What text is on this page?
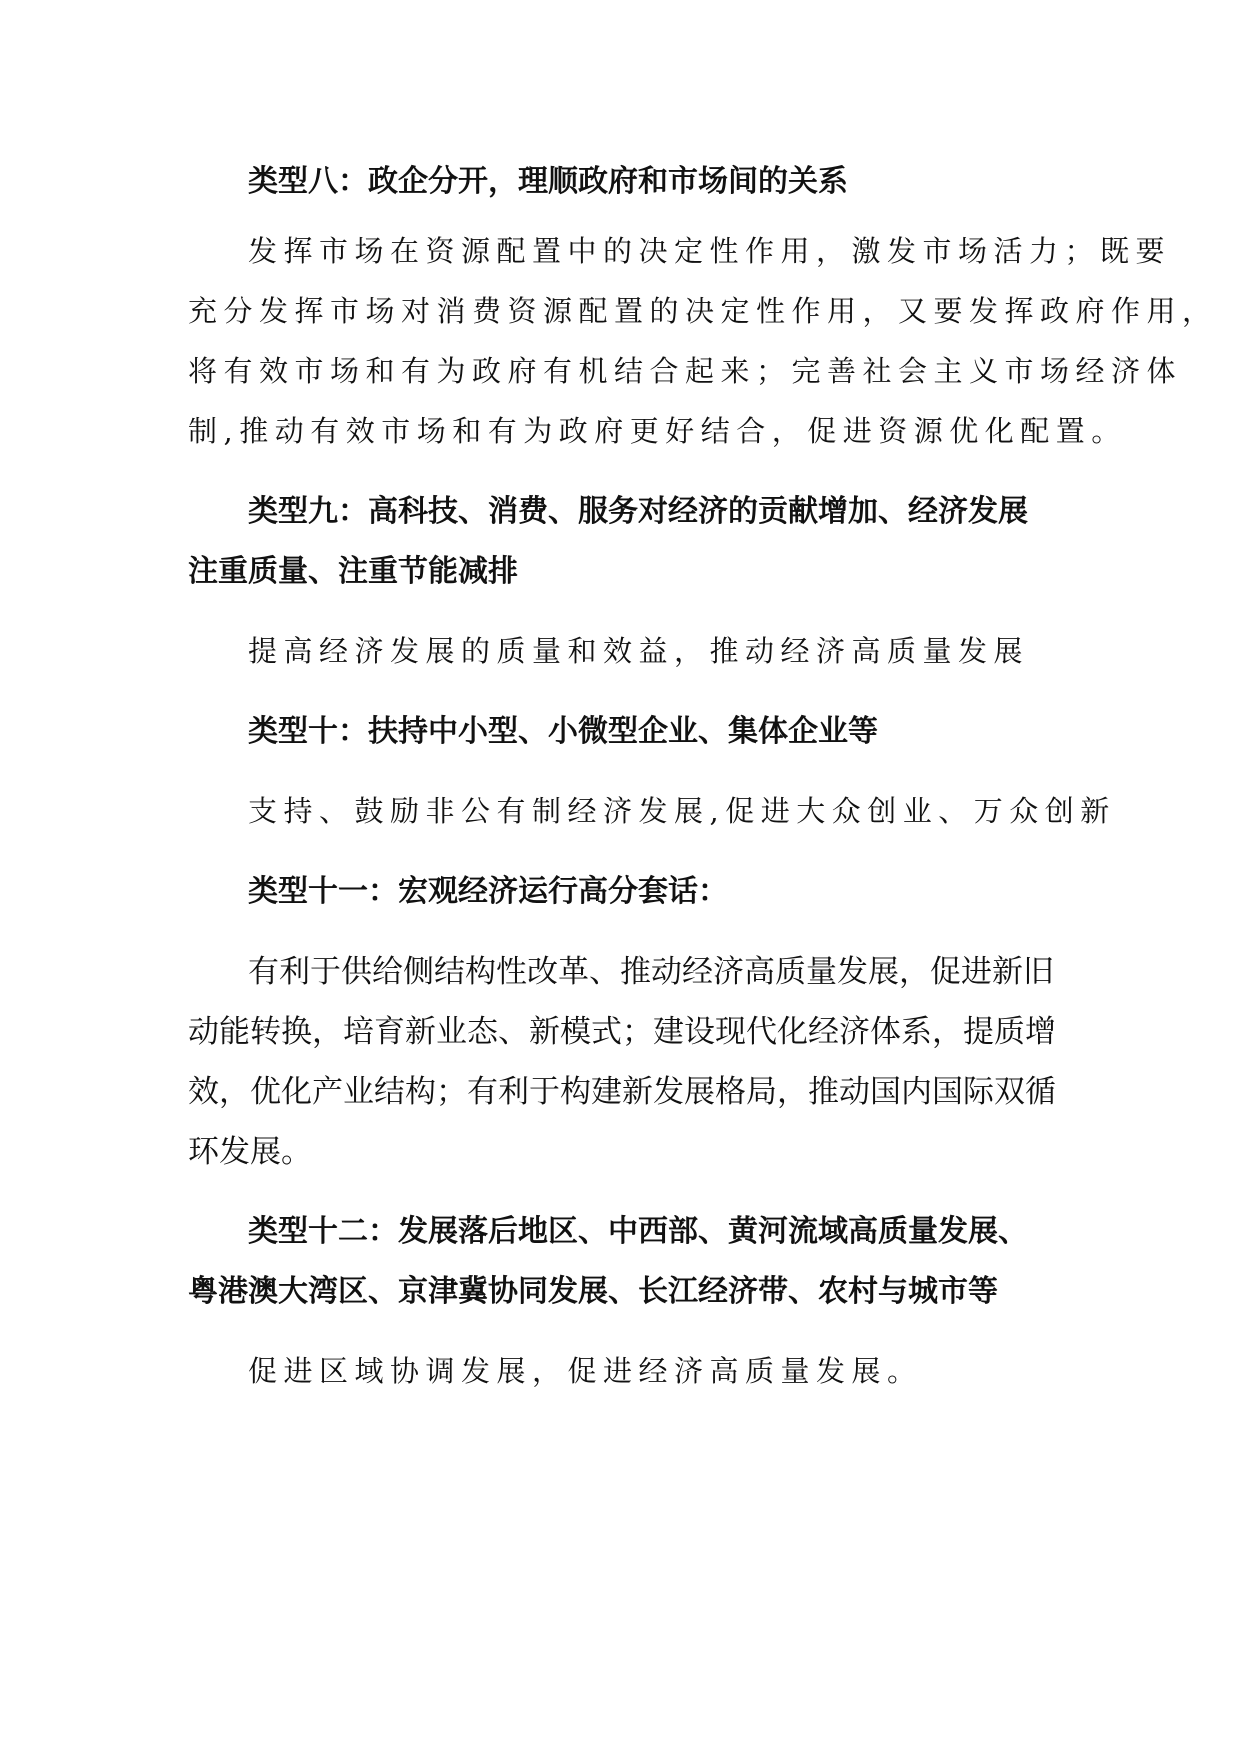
类型八：政企分开，理顺政府和市场间的关系
发挥市场在资源配置中的决定性作用，激发市场活力；既要
充分发挥市场对消费资源配置的决定性作用，又要发挥政府作用，
将有效市场和有为政府有机结合起来；完善社会主义市场经济体
制,推动有效市场和有为政府更好结合，促进资源优化配置。
类型九：高科技、消费、服务对经济的贡献增加、经济发展
注重质量、注重节能减排
提高经济发展的质量和效益，推动经济高质量发展
类型十：扶持中小型、小微型企业、集体企业等
支持、鼓励非公有制经济发展,促进大众创业、万众创新
类型十一：宏观经济运行高分套话：
有利于供给侧结构性改革、推动经济高质量发展，促进新旧
动能转换，培育新业态、新模式；建设现代化经济体系，提质增
效，优化产业结构；有利于构建新发展格局，推动国内国际双循
环发展。
类型十二：发展落后地区、中西部、黄河流域高质量发展、
粤港澳大湾区、京津冀协同发展、长江经济带、农村与城市等
促进区域协调发展，促进经济高质量发展。
